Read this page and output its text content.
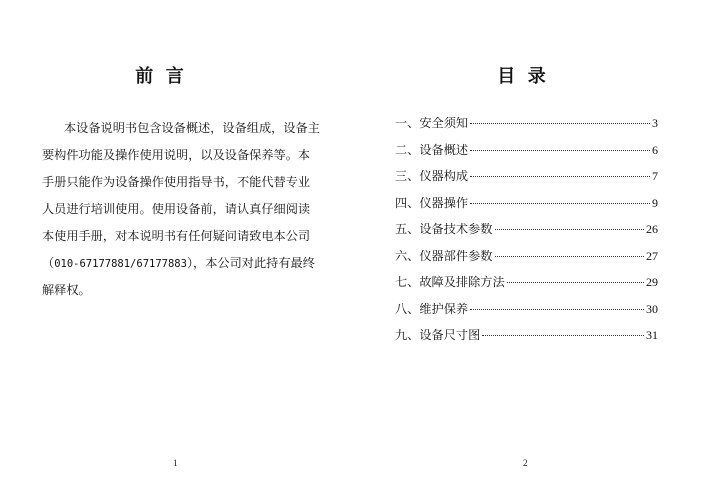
前  言
本设备说明书包含设备概述，设备组成，设备主
要构件功能及操作使用说明，以及设备保养等。本
手册只能作为设备操作使用指导书，不能代替专业
人员进行培训使用。使用设备前，请认真仔细阅读
本使用手册，对本说明书有任何疑问请致电本公司
（010-67177881/67177883），本公司对此持有最终
解释权。
1
目  录
一、安全须知	3
二、设备概述	6
三、仪器构成	7
四、仪器操作	9
五、设备技术参数	26
六、仪器部件参数	27
七、故障及排除方法	29
八、维护保养	30
九、设备尺寸图	31
2
